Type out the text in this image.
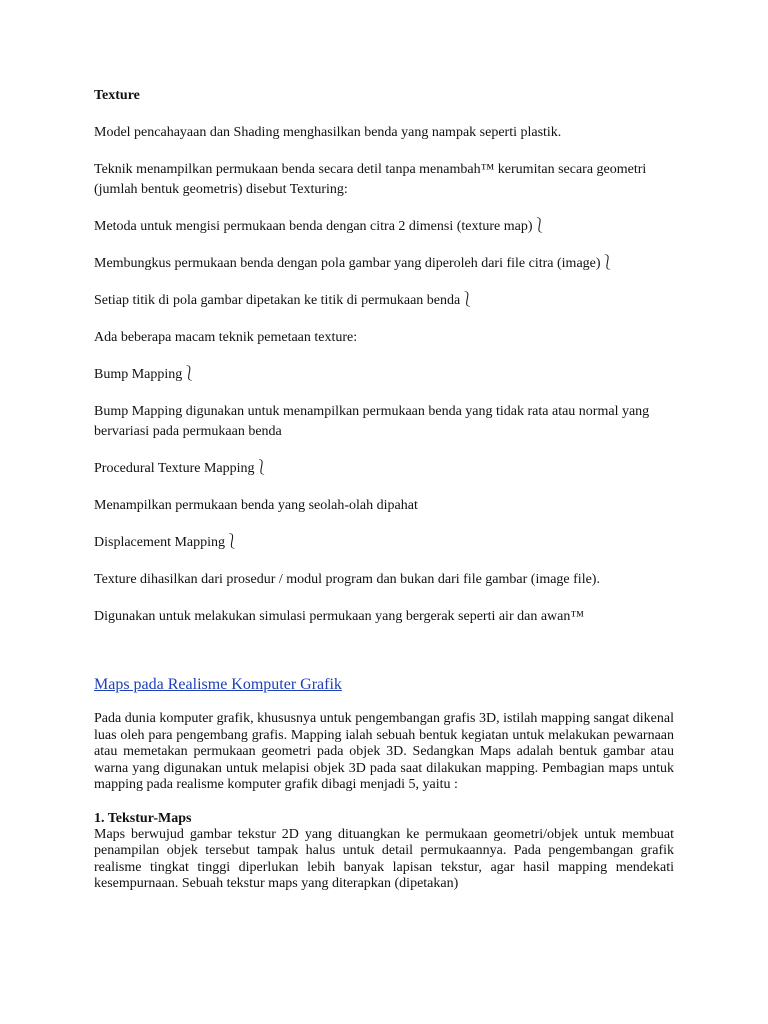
Texture
Model pencahayaan dan Shading menghasilkan benda yang nampak seperti plastik.
Teknik menampilkan permukaan benda secara detil tanpa menambah™ kerumitan secara geometri (jumlah bentuk geometris) disebut Texturing:
Metoda untuk mengisi permukaan benda dengan citra 2 dimensi (texture map)⎱
Membungkus permukaan benda dengan pola gambar yang diperoleh dari file citra (image)⎱
Setiap titik di pola gambar dipetakan ke titik di permukaan benda⎱
Ada beberapa macam teknik pemetaan texture:
Bump Mapping⎱
Bump Mapping digunakan untuk menampilkan permukaan benda yang tidak rata atau normal yang bervariasi pada permukaan benda
Procedural Texture Mapping⎱
Menampilkan permukaan benda yang seolah-olah dipahat
Displacement Mapping⎱
Texture dihasilkan dari prosedur / modul program dan bukan dari file gambar (image file).
Digunakan untuk melakukan simulasi permukaan yang bergerak seperti air dan awan™
Maps pada Realisme Komputer Grafik
Pada dunia komputer grafik, khususnya untuk pengembangan grafis 3D, istilah mapping sangat dikenal luas oleh para pengembang grafis. Mapping ialah sebuah bentuk kegiatan untuk melakukan pewarnaan atau memetakan permukaan geometri pada objek 3D. Sedangkan Maps adalah bentuk gambar atau warna yang digunakan untuk melapisi objek 3D pada saat dilakukan mapping. Pembagian maps untuk mapping pada realisme komputer grafik dibagi menjadi 5, yaitu :
1. Tekstur-Maps
Maps berwujud gambar tekstur 2D yang dituangkan ke permukaan geometri/objek untuk membuat penampilan objek tersebut tampak halus untuk detail permukaannya. Pada pengembangan grafik realisme tingkat tinggi diperlukan lebih banyak lapisan tekstur, agar hasil mapping mendekati kesempurnaan. Sebuah tekstur maps yang diterapkan (dipetakan)
